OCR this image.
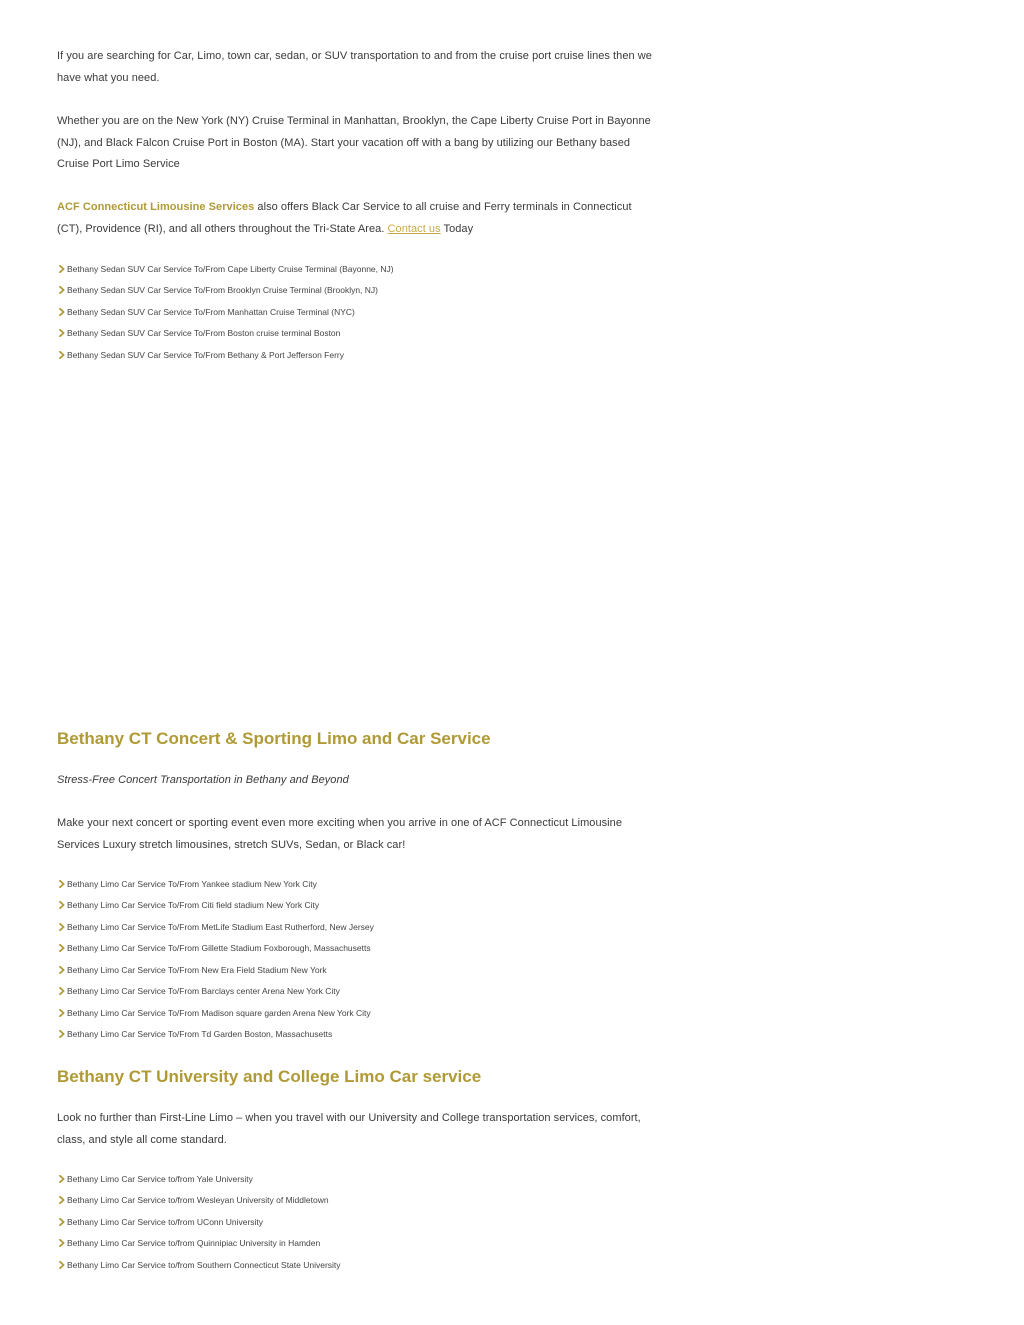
If you are searching for Car, Limo, town car, sedan, or SUV transportation to and from the cruise port cruise lines then we have what you need.

Whether you are on the New York (NY) Cruise Terminal in Manhattan, Brooklyn, the Cape Liberty Cruise Port in Bayonne (NJ), and Black Falcon Cruise Port in Boston (MA). Start your vacation off with a bang by utilizing our Bethany based Cruise Port Limo Service

ACF Connecticut Limousine Services also offers Black Car Service to all cruise and Ferry terminals in Connecticut (CT), Providence (RI), and all others throughout the Tri-State Area. Contact us Today

Bethany Sedan SUV Car Service To/From Cape Liberty Cruise Terminal (Bayonne, NJ)
Bethany Sedan SUV Car Service To/From Brooklyn Cruise Terminal (Brooklyn, NJ)
Bethany Sedan SUV Car Service To/From Manhattan Cruise Terminal (NYC)
Bethany Sedan SUV Car Service To/From Boston cruise terminal Boston
Bethany Sedan SUV Car Service To/From Bethany & Port Jefferson Ferry
Bethany CT Concert & Sporting Limo and Car Service

Stress-Free Concert Transportation in Bethany and Beyond

Make your next concert or sporting event even more exciting when you arrive in one of ACF Connecticut Limousine Services Luxury stretch limousines, stretch SUVs, Sedan, or Black car!

Bethany Limo Car Service To/From Yankee stadium New York City
Bethany Limo Car Service To/From Citi field stadium New York City
Bethany Limo Car Service To/From MetLife Stadium East Rutherford, New Jersey
Bethany Limo Car Service To/From Gillette Stadium Foxborough, Massachusetts
Bethany Limo Car Service To/From New Era Field Stadium New York
Bethany Limo Car Service To/From Barclays center Arena New York City
Bethany Limo Car Service To/From Madison square garden Arena New York City
Bethany Limo Car Service To/From Td Garden Boston, Massachusetts
Bethany CT University and College Limo Car service

Look no further than First-Line Limo – when you travel with our University and College transportation services, comfort, class, and style all come standard.

Bethany Limo Car Service to/from Yale University
Bethany Limo Car Service to/from Wesleyan University of Middletown
Bethany Limo Car Service to/from UConn University
Bethany Limo Car Service to/from Quinnipiac University in Hamden
Bethany Limo Car Service to/from Southern Connecticut State University
